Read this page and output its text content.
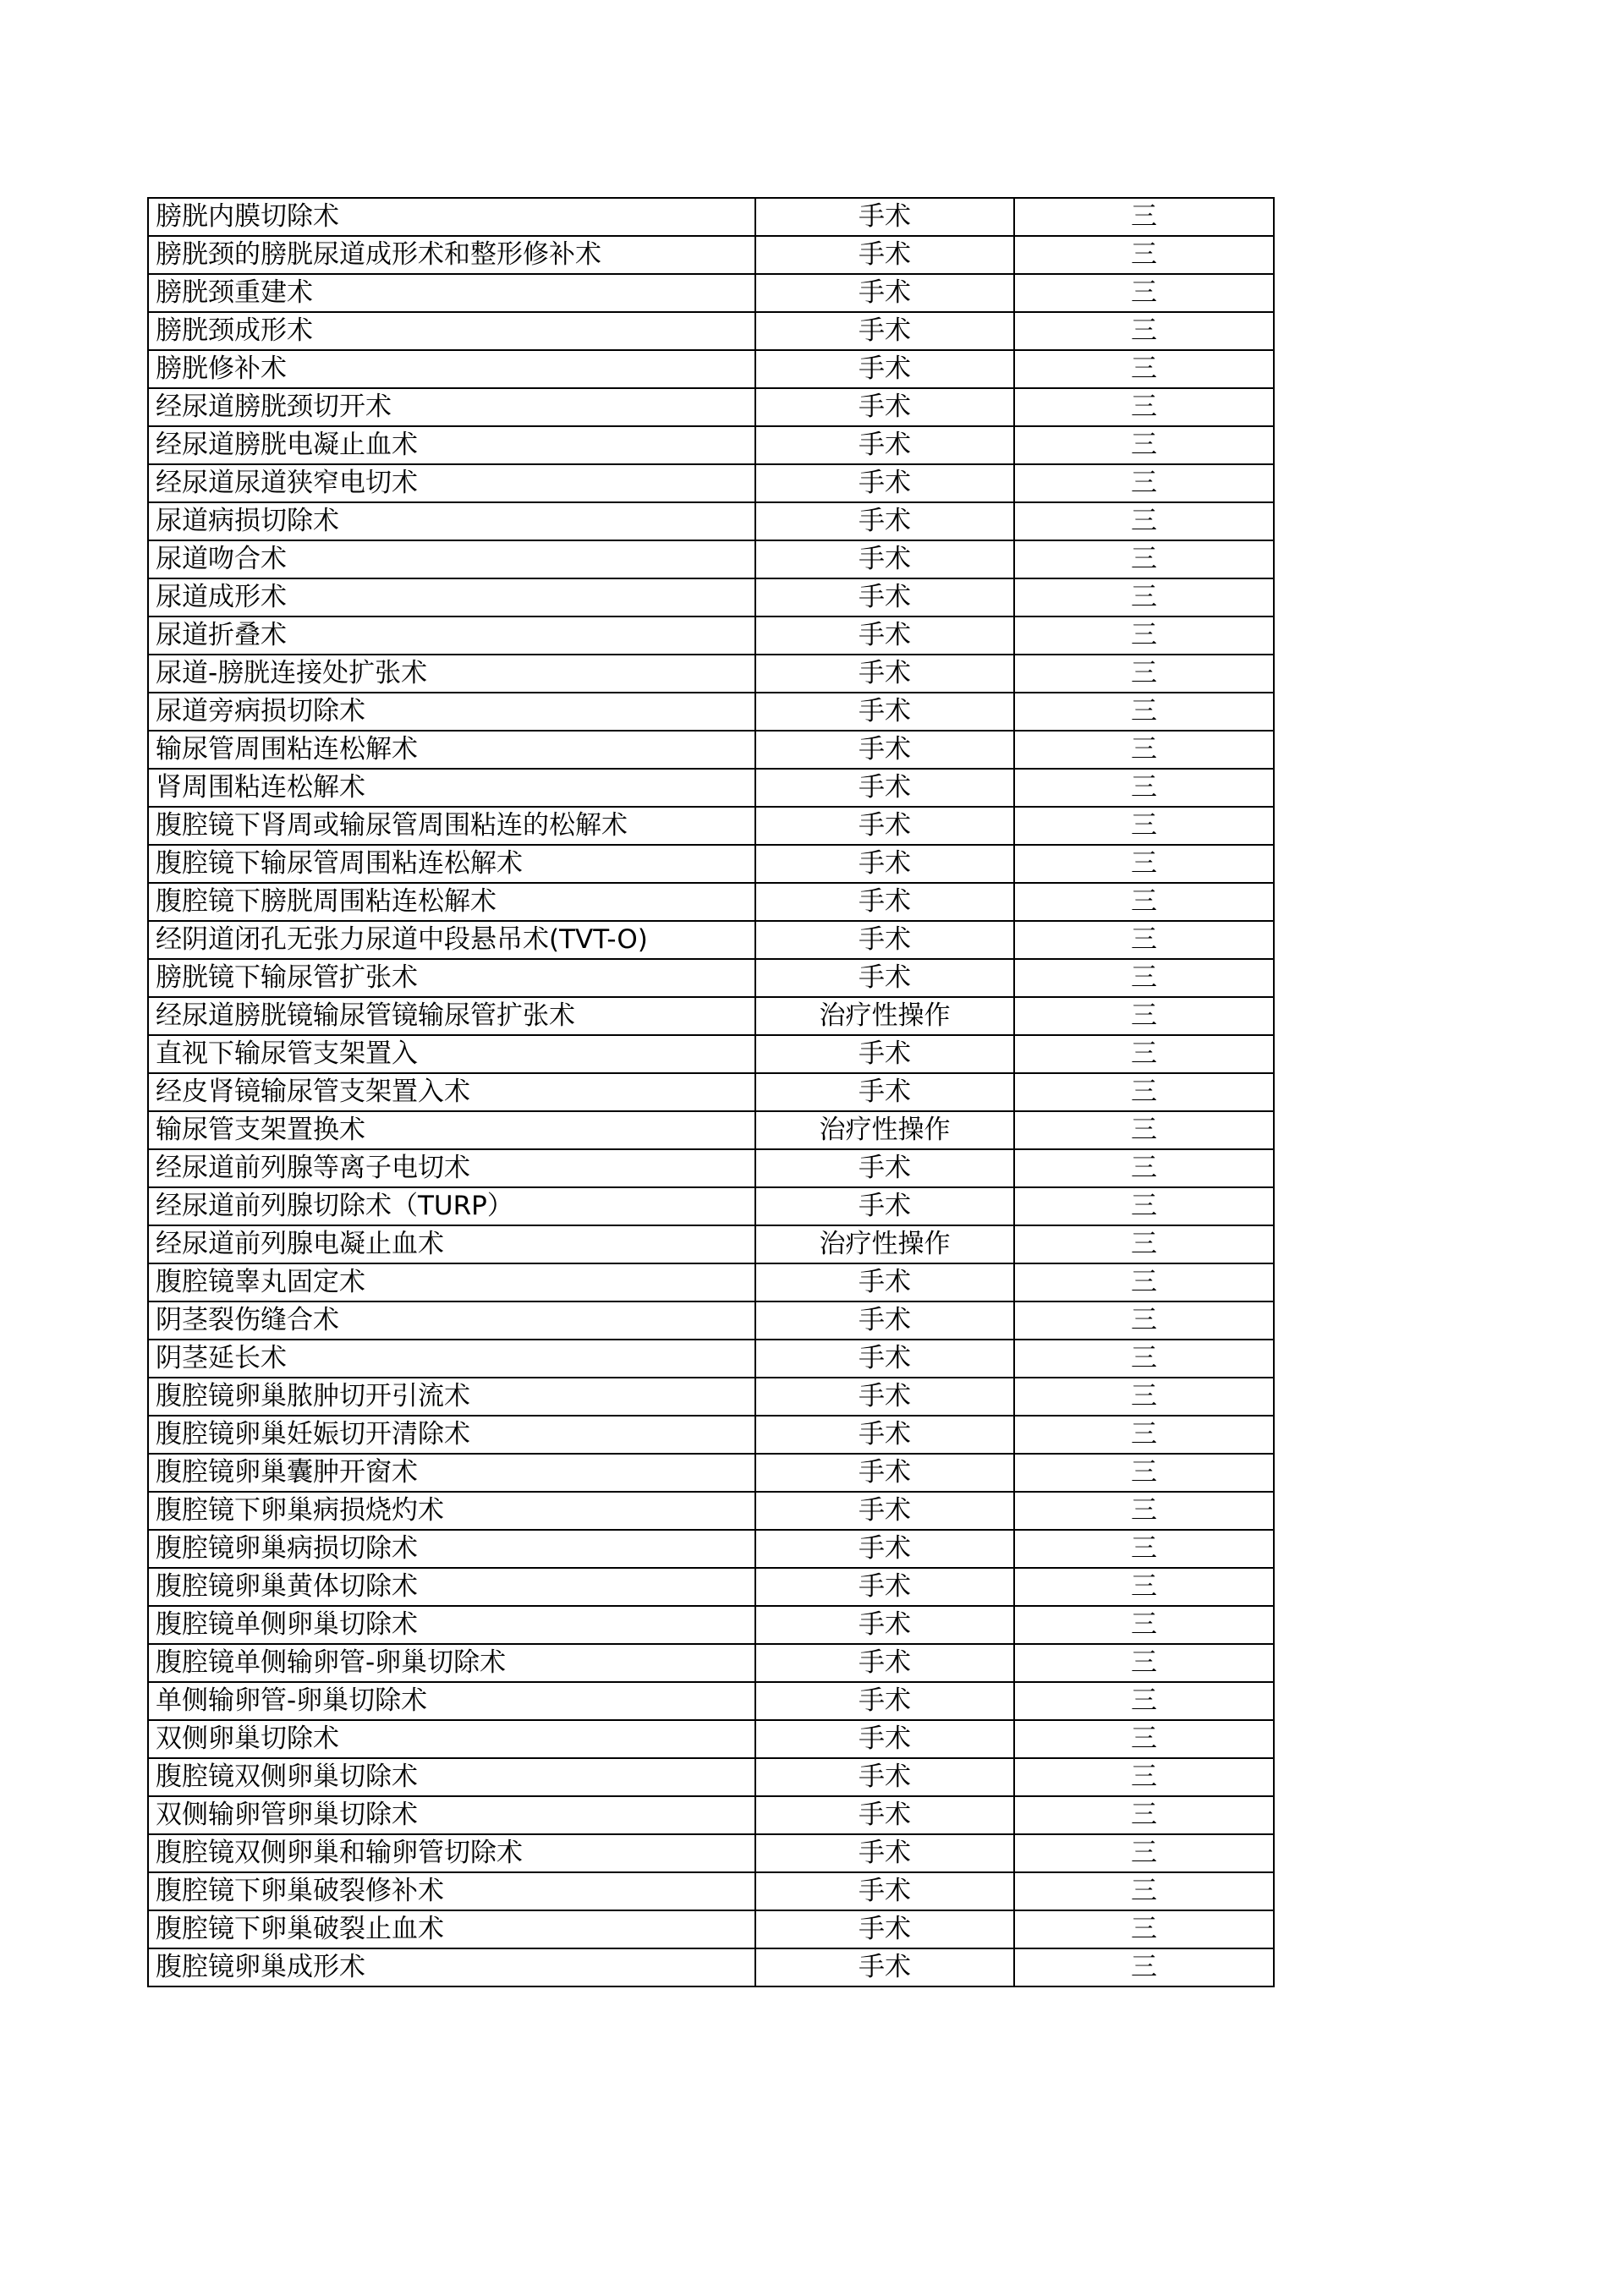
膀胱内膜切除术	手术	三
膀胱颈的膀胱尿道成形术和整形修补术	手术	三
膀胱颈重建术	手术	三
膀胱颈成形术	手术	三
膀胱修补术	手术	三
经尿道膀胱颈切开术	手术	三
经尿道膀胱电凝止血术	手术	三
经尿道尿道狭窄电切术	手术	三
尿道病损切除术	手术	三
尿道吻合术	手术	三
尿道成形术	手术	三
尿道折叠术	手术	三
尿道-膀胱连接处扩张术	手术	三
尿道旁病损切除术	手术	三
输尿管周围粘连松解术	手术	三
肾周围粘连松解术	手术	三
腹腔镜下肾周或输尿管周围粘连的松解术	手术	三
腹腔镜下输尿管周围粘连松解术	手术	三
腹腔镜下膀胱周围粘连松解术	手术	三
经阴道闭孔无张力尿道中段悬吊术(TVT-O)	手术	三
膀胱镜下输尿管扩张术	手术	三
经尿道膀胱镜输尿管镜输尿管扩张术	治疗性操作	三
直视下输尿管支架置入	手术	三
经皮肾镜输尿管支架置入术	手术	三
输尿管支架置换术	治疗性操作	三
经尿道前列腺等离子电切术	手术	三
经尿道前列腺切除术（TURP）	手术	三
经尿道前列腺电凝止血术	治疗性操作	三
腹腔镜睾丸固定术	手术	三
阴茎裂伤缝合术	手术	三
阴茎延长术	手术	三
腹腔镜卵巢脓肿切开引流术	手术	三
腹腔镜卵巢妊娠切开清除术	手术	三
腹腔镜卵巢囊肿开窗术	手术	三
腹腔镜下卵巢病损烧灼术	手术	三
腹腔镜卵巢病损切除术	手术	三
腹腔镜卵巢黄体切除术	手术	三
腹腔镜单侧卵巢切除术	手术	三
腹腔镜单侧输卵管-卵巢切除术	手术	三
单侧输卵管-卵巢切除术	手术	三
双侧卵巢切除术	手术	三
腹腔镜双侧卵巢切除术	手术	三
双侧输卵管卵巢切除术	手术	三
腹腔镜双侧卵巢和输卵管切除术	手术	三
腹腔镜下卵巢破裂修补术	手术	三
腹腔镜下卵巢破裂止血术	手术	三
腹腔镜卵巢成形术	手术	三
